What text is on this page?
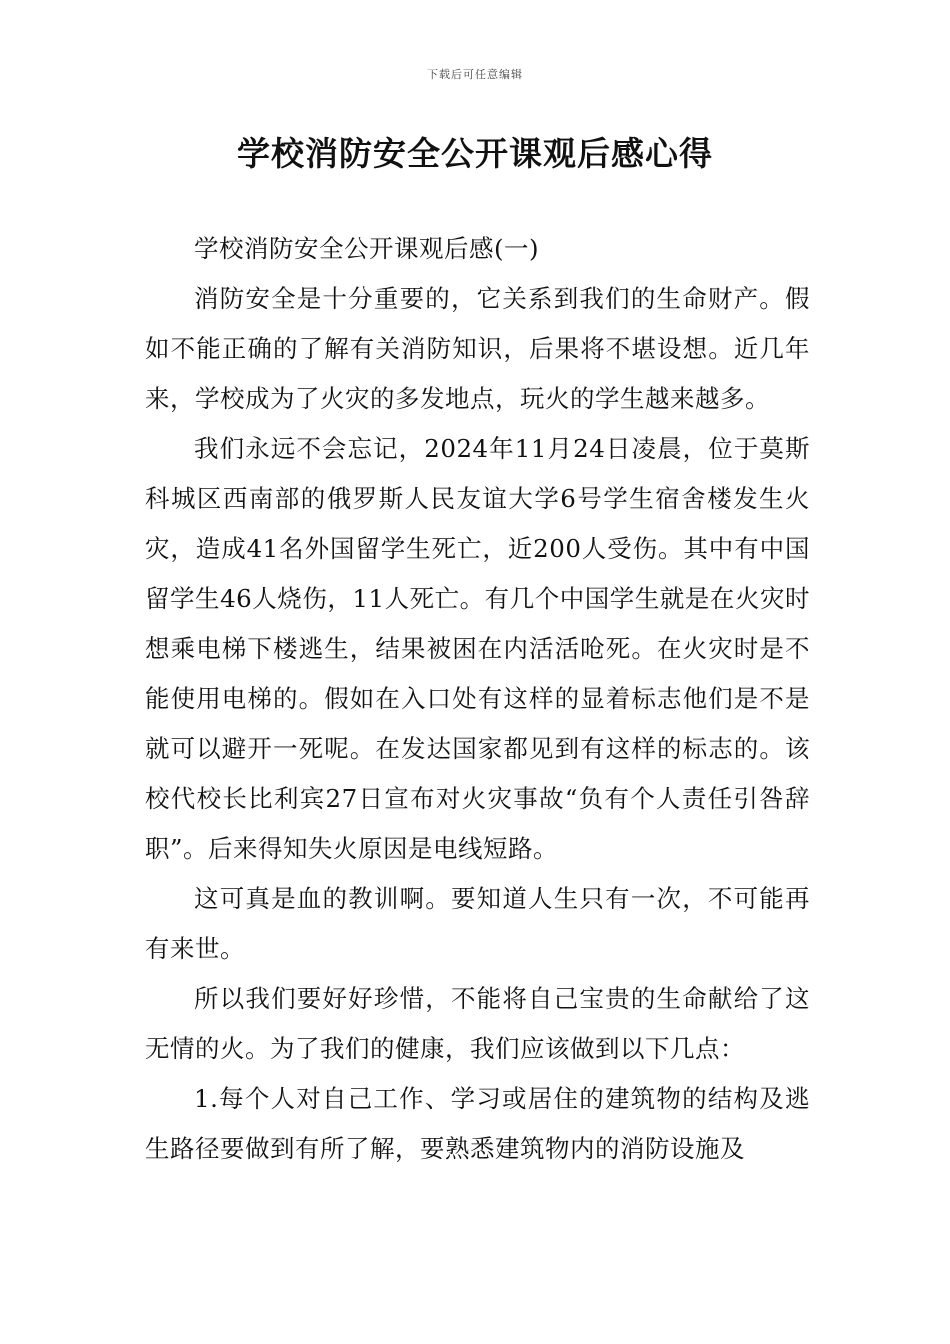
下载后可任意编辑
学校消防安全公开课观后感心得

学校消防安全公开课观后感(一)

消防安全是十分重要的，它关系到我们的生命财产。假如不能正确的了解有关消防知识，后果将不堪设想。近几年来，学校成为了火灾的多发地点，玩火的学生越来越多。

我们永远不会忘记，2024年11月24日凌晨，位于莫斯科城区西南部的俄罗斯人民友谊大学6号学生宿舍楼发生火灾，造成41名外国留学生死亡，近200人受伤。其中有中国留学生46人烧伤，11人死亡。有几个中国学生就是在火灾时想乘电梯下楼逃生，结果被困在内活活呛死。在火灾时是不能使用电梯的。假如在入口处有这样的显着标志他们是不是就可以避开一死呢。在发达国家都见到有这样的标志的。该校代校长比利宾27日宣布对火灾事故“负有个人责任引咎辞职”。后来得知失火原因是电线短路。

这可真是血的教训啊。要知道人生只有一次，不可能再有来世。

所以我们要好好珍惜，不能将自己宝贵的生命献给了这无情的火。为了我们的健康，我们应该做到以下几点：

1.每个人对自己工作、学习或居住的建筑物的结构及逃生路径要做到有所了解，要熟悉建筑物内的消防设施及
